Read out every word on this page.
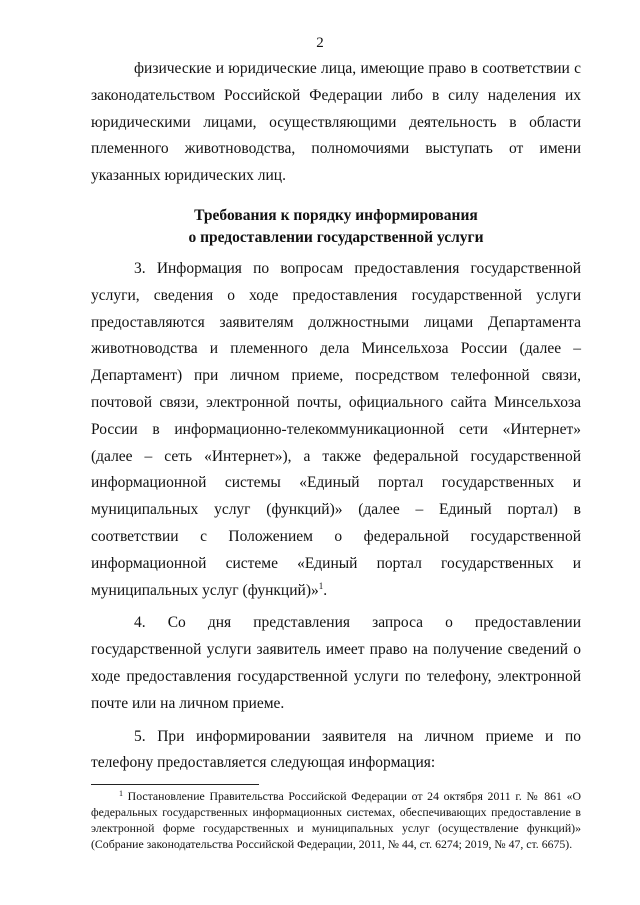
2

физические и юридические лица, имеющие право в соответствии с законодательством Российской Федерации либо в силу наделения их юридическими лицами, осуществляющими деятельность в области племенного животноводства, полномочиями выступать от имени указанных юридических лиц.

Требования к порядку информирования
о предоставлении государственной услуги

3. Информация по вопросам предоставления государственной услуги, сведения о ходе предоставления государственной услуги предоставляются заявителям должностными лицами Департамента животноводства и племенного дела Минсельхоза России (далее – Департамент) при личном приеме, посредством телефонной связи, почтовой связи, электронной почты, официального сайта Минсельхоза России в информационно-телекоммуникационной сети «Интернет» (далее – сеть «Интернет»), а также федеральной государственной информационной системы «Единый портал государственных и муниципальных услуг (функций)» (далее – Единый портал) в соответствии с Положением о федеральной государственной информационной системе «Единый портал государственных и муниципальных услуг (функций)»$^1$.

4. Со дня представления запроса о предоставлении государственной услуги заявитель имеет право на получение сведений о ходе предоставления государственной услуги по телефону, электронной почте или на личном приеме.

5. При информировании заявителя на личном приеме и по телефону предоставляется следующая информация:

$^1$ Постановление Правительства Российской Федерации от 24 октября 2011 г. № 861 «О федеральных государственных информационных системах, обеспечивающих предоставление в электронной форме государственных и муниципальных услуг (осуществление функций)» (Собрание законодательства Российской Федерации, 2011, № 44, ст. 6274; 2019, № 47, ст. 6675).
